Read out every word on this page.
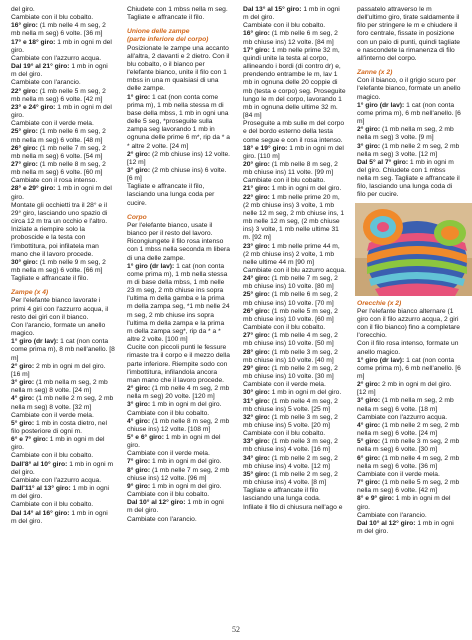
del giro.

Cambiate con il blu cobalto.

16° giro: (1 mb nelle 4 m seg, 2 mb nella m seg) 6 volte. [36 m]

17° e 18° giro: 1 mb in ogni m del giro.

Cambiate con l'azzurro acqua.

Dal 19° al 21° giro: 1 mb in ogni m del giro.

Cambiate con l'arancio.

22° giro: (1 mb nelle 5 m seg, 2 mb nella m seg) 6 volte. [42 m]

23° e 24° giro: 1 mb in ogni m del giro.

Cambiate con il verde mela.

25° giro: (1 mb nelle 6 m seg, 2 mb nella m seg) 6 volte. [48 m]

26° giro: (1 mb nelle 7 m seg, 2 mb nella m seg) 6 volte. [54 m]

27° giro: (1 mb nelle 8 m seg, 2 mb nella m seg) 6 volte. [60 m]

Cambiate con il rosa intenso.

28° e 29° giro: 1 mb in ogni m del giro.

Montate gli occhietti tra il 28° e il 29° giro, lasciando uno spazio di circa 12 m tra un occhio e l'altro. Iniziate a riempire solo la proboscide e la testa con l'imbottitura, poi infilatela man mano che il lavoro procede.

30° giro: (1 mb nelle 9 m seg, 2 mb nella m seg) 6 volte. [66 m] Tagliate e affrancate il filo.

Zampe (x 4)

Per l'elefante bianco lavorate i primi 4 giri con l'azzurro acqua, il resto dei giri con il bianco.

Con l'arancio, formate un anello magico.

1° giro (dr lav): 1 cat (non conta come prima m), 8 mb nell'anello. [8 m]

2° giro: 2 mb in ogni m del giro. [16 m]

3° giro: (1 mb nella m seg, 2 mb nella m seg) 8 volte. [24 m]

4° giro: (1 mb nelle 2 m seg, 2 mb nella m seg) 8 volte. [32 m]

Cambiate con il verde mela.

5° giro: 1 mb in costa dietro, nel filo posteriore di ogni m.

6° e 7° giro: 1 mb in ogni m del giro.

Cambiate con il blu cobalto.

Dall'8° al 10° giro: 1 mb in ogni m del giro.

Cambiate con l'azzurro acqua.

Dall'11° al 13° giro: 1 mb in ogni m del giro.

Cambiate con il blu cobalto.

Dal 14° al 16° giro: 1 mb in ogni m del giro.

Chiudete con 1 mbss nella m seg. Tagliate e affrancate il filo.

Unione delle zampe

(parte inferiore del corpo)

Posizionate le zampe una accanto all'altra, 2 davanti e 2 dietro. Con il blu cobalto, o il bianco per l'elefante bianco, unite il filo con 1 mbss in una m qualsiasi di una delle zampe.

1° giro: 1 cat (non conta come prima m), 1 mb nella stessa m di base della mbss, 1 mb in ogni una delle 5 seg, *proseguite sulla zampa seg lavorando 1 mb in ognuna delle prime 6 m*, rip da * a * altre 2 volte. [24 m]

2° giro: (2 mb chiuse ins) 12 volte. [12 m]

3° giro: (2 mb chiuse ins) 6 volte. [6 m]

Tagliate e affrancate il filo, lasciando una lunga coda per cucire.

Corpo

Per l'elefante bianco, usate il bianco per il resto del lavoro.

Ricongiungete il filo rosa intenso con 1 mbss nella seconda m libera di una delle zampe.

1° giro (dr lav): 1 cat (non conta come prima m), 1 mb nella stessa m di base della mbss, 1 mb nelle 23 m seg, 2 mb chiuse ins sopra l'ultima m della gamba e la prima m della zampa seg, *1 mb nelle 24 m seg, 2 mb chiuse ins sopra l'ultima m della zampa e la prima m della zampa seg*, rip da * a * altre 2 volte. [100 m]

Cucite con piccoli punti le fessure rimaste tra il corpo e il mezzo della parte inferiore. Riempite sodo con l'imbottitura, infilandola ancora man mano che il lavoro procede.

2° giro: (1 mb nelle 4 m seg, 2 mb nella m seg) 20 volte. [120 m]

3° giro: 1 mb in ogni m del giro.

Cambiate con il blu cobalto.

4° giro: (1 mb nelle 8 m seg, 2 mb chiuse ins) 12 volte. [108 m]

5° e 6° giro: 1 mb in ogni m del giro.

Cambiate con il verde mela.

7° giro: 1 mb in ogni m del giro.

8° giro: (1 mb nelle 7 m seg, 2 mb chiuse ins) 12 volte. [96 m]

9° giro: 1 mb in ogni m del giro.

Cambiate con il blu cobalto.

Dal 10° al 12° giro: 1 mb in ogni m del giro.

Cambiate con l'arancio.

Dal 13° al 15° giro: 1 mb in ogni m del giro.

Cambiate con il blu cobalto.

16° giro: (1 mb nelle 6 m seg, 2 mb chiuse ins) 12 volte. [84 m]

17° giro: 1 mb nelle prime 32 m, quindi unite la testa al corpo, allineando i bordi (di contro dr) e, prendendo entrambe le m, lav 1 mb in ognuna delle 20 coppie di mb (testa e corpo) seg. Proseguite lungo le m del corpo, lavorando 1 mb in ognuna delle ultime 32 m. [84 m]

Proseguite a mb sulle m del corpo e del bordo esterno della testa come segue e con il rosa intenso.

18° e 19° giro: 1 mb in ogni m del giro. [110 m]

20° giro: (1 mb nelle 8 m seg, 2 mb chiuse ins) 11 volte. [99 m]

Cambiate con il blu cobalto.

21° giro: 1 mb in ogni m del giro.

22° giro: 1 mb nelle prime 20 m, (2 mb chiuse ins) 3 volte, 1 mb nelle 12 m seg, 2 mb chiuse ins, 1 mb nelle 12 m seg, (2 mb chiuse ins) 3 volte, 1 mb nelle ultime 31 m. [92 m]

23° giro: 1 mb nelle prime 44 m, (2 mb chiuse ins) 2 volte, 1 mb nelle ultime 44 m [90 m]

Cambiate con il blu azzurro acqua.

24° giro: (1 mb nelle 7 m seg, 2 mb chiuse ins) 10 volte. [80 m]

25° giro: (1 mb nelle 6 m seg, 2 mb chiuse ins) 10 volte. [70 m]

26° giro: (1 mb nelle 5 m seg, 2 mb chiuse ins) 10 volte. [60 m]

Cambiate con il blu cobalto.

27° giro: (1 mb nelle 4 m seg, 2 mb chiuse ins) 10 volte. [50 m]

28° giro: (1 mb nelle 3 m seg, 2 mb chiuse ins) 10 volte. [40 m]

29° giro: (1 mb nelle 2 m seg, 2 mb chiuse ins) 10 volte. [30 m]

Cambiate con il verde mela.

30° giro: 1 mb in ogni m del giro.

31° giro: (1 mb nelle 4 m seg, 2 mb chiuse ins) 5 volte. [25 m]

32° giro: (1 mb nelle 3 m seg, 2 mb chiuse ins) 5 volte. [20 m]

Cambiate con il blu cobalto.

33° giro: (1 mb nelle 3 m seg, 2 mb chiuse ins) 4 volte. [16 m]

34° giro: (1 mb nelle 2 m seg, 2 mb chiuse ins) 4 volte. [12 m]

35° giro: (1 mb nelle 2 m seg, 2 mb chiuse ins) 4 volte. [8 m]

Tagliate e affrancate il filo lasciando una lunga coda.

Infilate il filo di chiusura nell'ago e

passatelo attraverso le m dell'ultimo giro, tirate saldamente il filo per stringere le m e chiudere il foro centrale, fissate in posizione con un paio di punti, quindi tagliate e nascondete la rimanenza di filo all'interno del corpo.

Zanne (x 2)

Con il bianco, o il grigio scuro per l'elefante bianco, formate un anello magico.

1° giro (dr lav): 1 cat (non conta come prima m), 6 mb nell'anello. [6 m]

2° giro: (1 mb nella m seg, 2 mb nella m seg) 3 volte. [9 m]

3° giro: (1 mb nelle 2 m seg, 2 mb nella m seg) 3 volte. [12 m]

Dal 5° al 7° giro: 1 mb in ogni m del giro. Chiudete con 1 mbss nella m seg. Tagliate e affrancate il filo, lasciando una lunga coda di filo per cucire.

Orecchie (x 2)

Per l'elefante bianco alternare (1 giro con il filo azzurro acqua, 2 giri con il filo bianco) fino a completare l'orecchio.

Con il filo rosa intenso, formate un anello magico.

1° giro (dr lav): 1 cat (non conta come prima m), 6 mb nell'anello. [6 m]

2° giro: 2 mb in ogni m del giro. [12 m]

3° giro: (1 mb nella m seg, 2 mb nella m seg) 6 volte. [18 m]

Cambiate con l'azzurro acqua.

4° giro: (1 mb nelle 2 m seg, 2 mb nella m seg) 6 volte. [24 m]

5° giro: (1 mb nelle 3 m seg, 2 mb nella m seg) 6 volte. [30 m]

6° giro: (1 mb nelle 4 m seg, 2 mb nella m seg) 6 volte. [36 m]

Cambiate con il verde mela.

7° giro: (1 mb nelle 5 m seg, 2 mb nella m seg) 6 volte. [42 m]

8° e 9° giro: 1 mb in ogni m del giro.

Cambiate con l'arancio.

Dal 10° al 12° giro: 1 mb in ogni m del giro.

52
